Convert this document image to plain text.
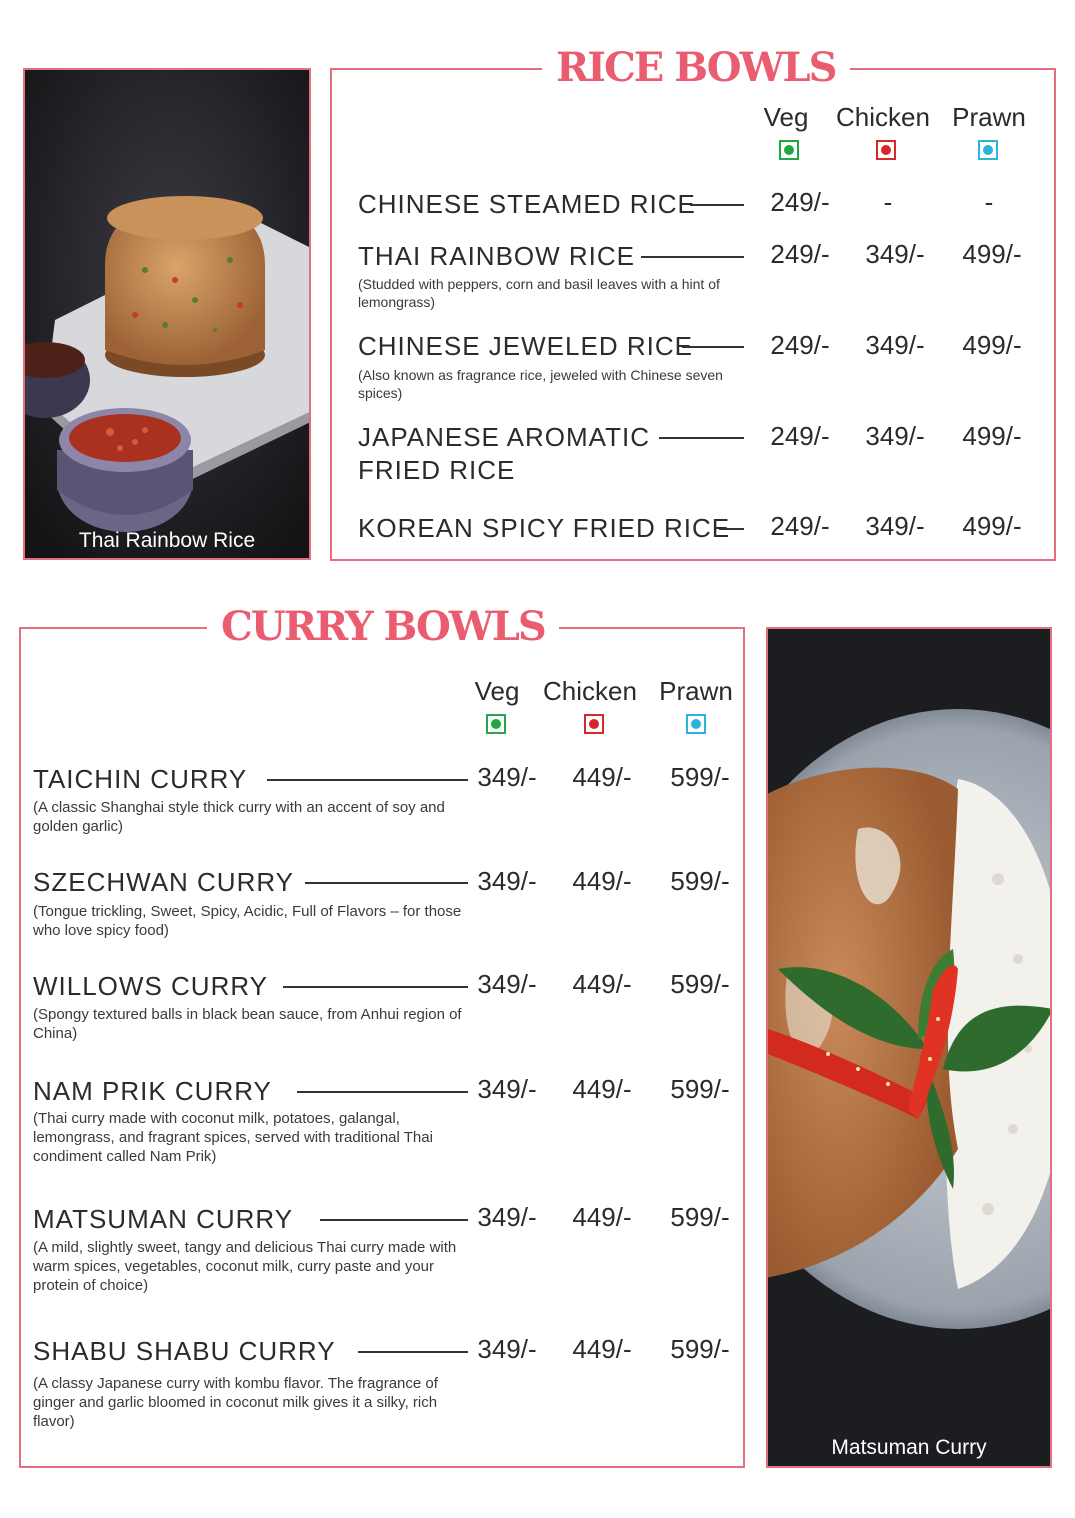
Thai Rainbow Rice
RICE BOWLS
Veg	Chicken Prawn
CHINESE STEAMED RICE	249/-	-	-
THAI RAINBOW RICE
(Studded with peppers, corn and basil leaves with a hint of lemongrass)
249/-	349/-	499/-
CHINESE JEWELED RICE
(Also known as fragrance rice, jeweled with Chinese seven spices)
249/-	349/-	499/-
JAPANESE AROMATIC
FRIED RICE
249/-	349/-	499/-
KOREAN SPICY FRIED RICE	249/-	349/-	499/-
CURRY BOWLS
Veg Chicken Prawn
TAICHIN CURRY
(A classic Shanghai style thick curry with an accent of soy and golden garlic)
349/-	449/-	599/-
SZECHWAN CURRY
(Tongue trickling, Sweet, Spicy, Acidic, Full of Flavors – for those who love spicy food)
349/-	449/-	599/-
WILLOWS CURRY
(Spongy textured balls in black bean sauce, from Anhui region of China)
349/-	449/-	599/-
NAM PRIK CURRY
(Thai curry made with coconut milk, potatoes, galangal, lemongrass, and fragrant spices, served with traditional Thai condiment called Nam Prik)
349/-	449/-	599/-
MATSUMAN CURRY
(A mild, slightly sweet, tangy and delicious Thai curry made with warm spices, vegetables, coconut milk, curry paste and your protein of choice)
349/-	449/-	599/-
SHABU SHABU CURRY
(A classy Japanese curry with kombu flavor. The fragrance of ginger and garlic bloomed in coconut milk gives it a silky, rich flavor)
349/-	449/-	599/-
Matsuman Curry
